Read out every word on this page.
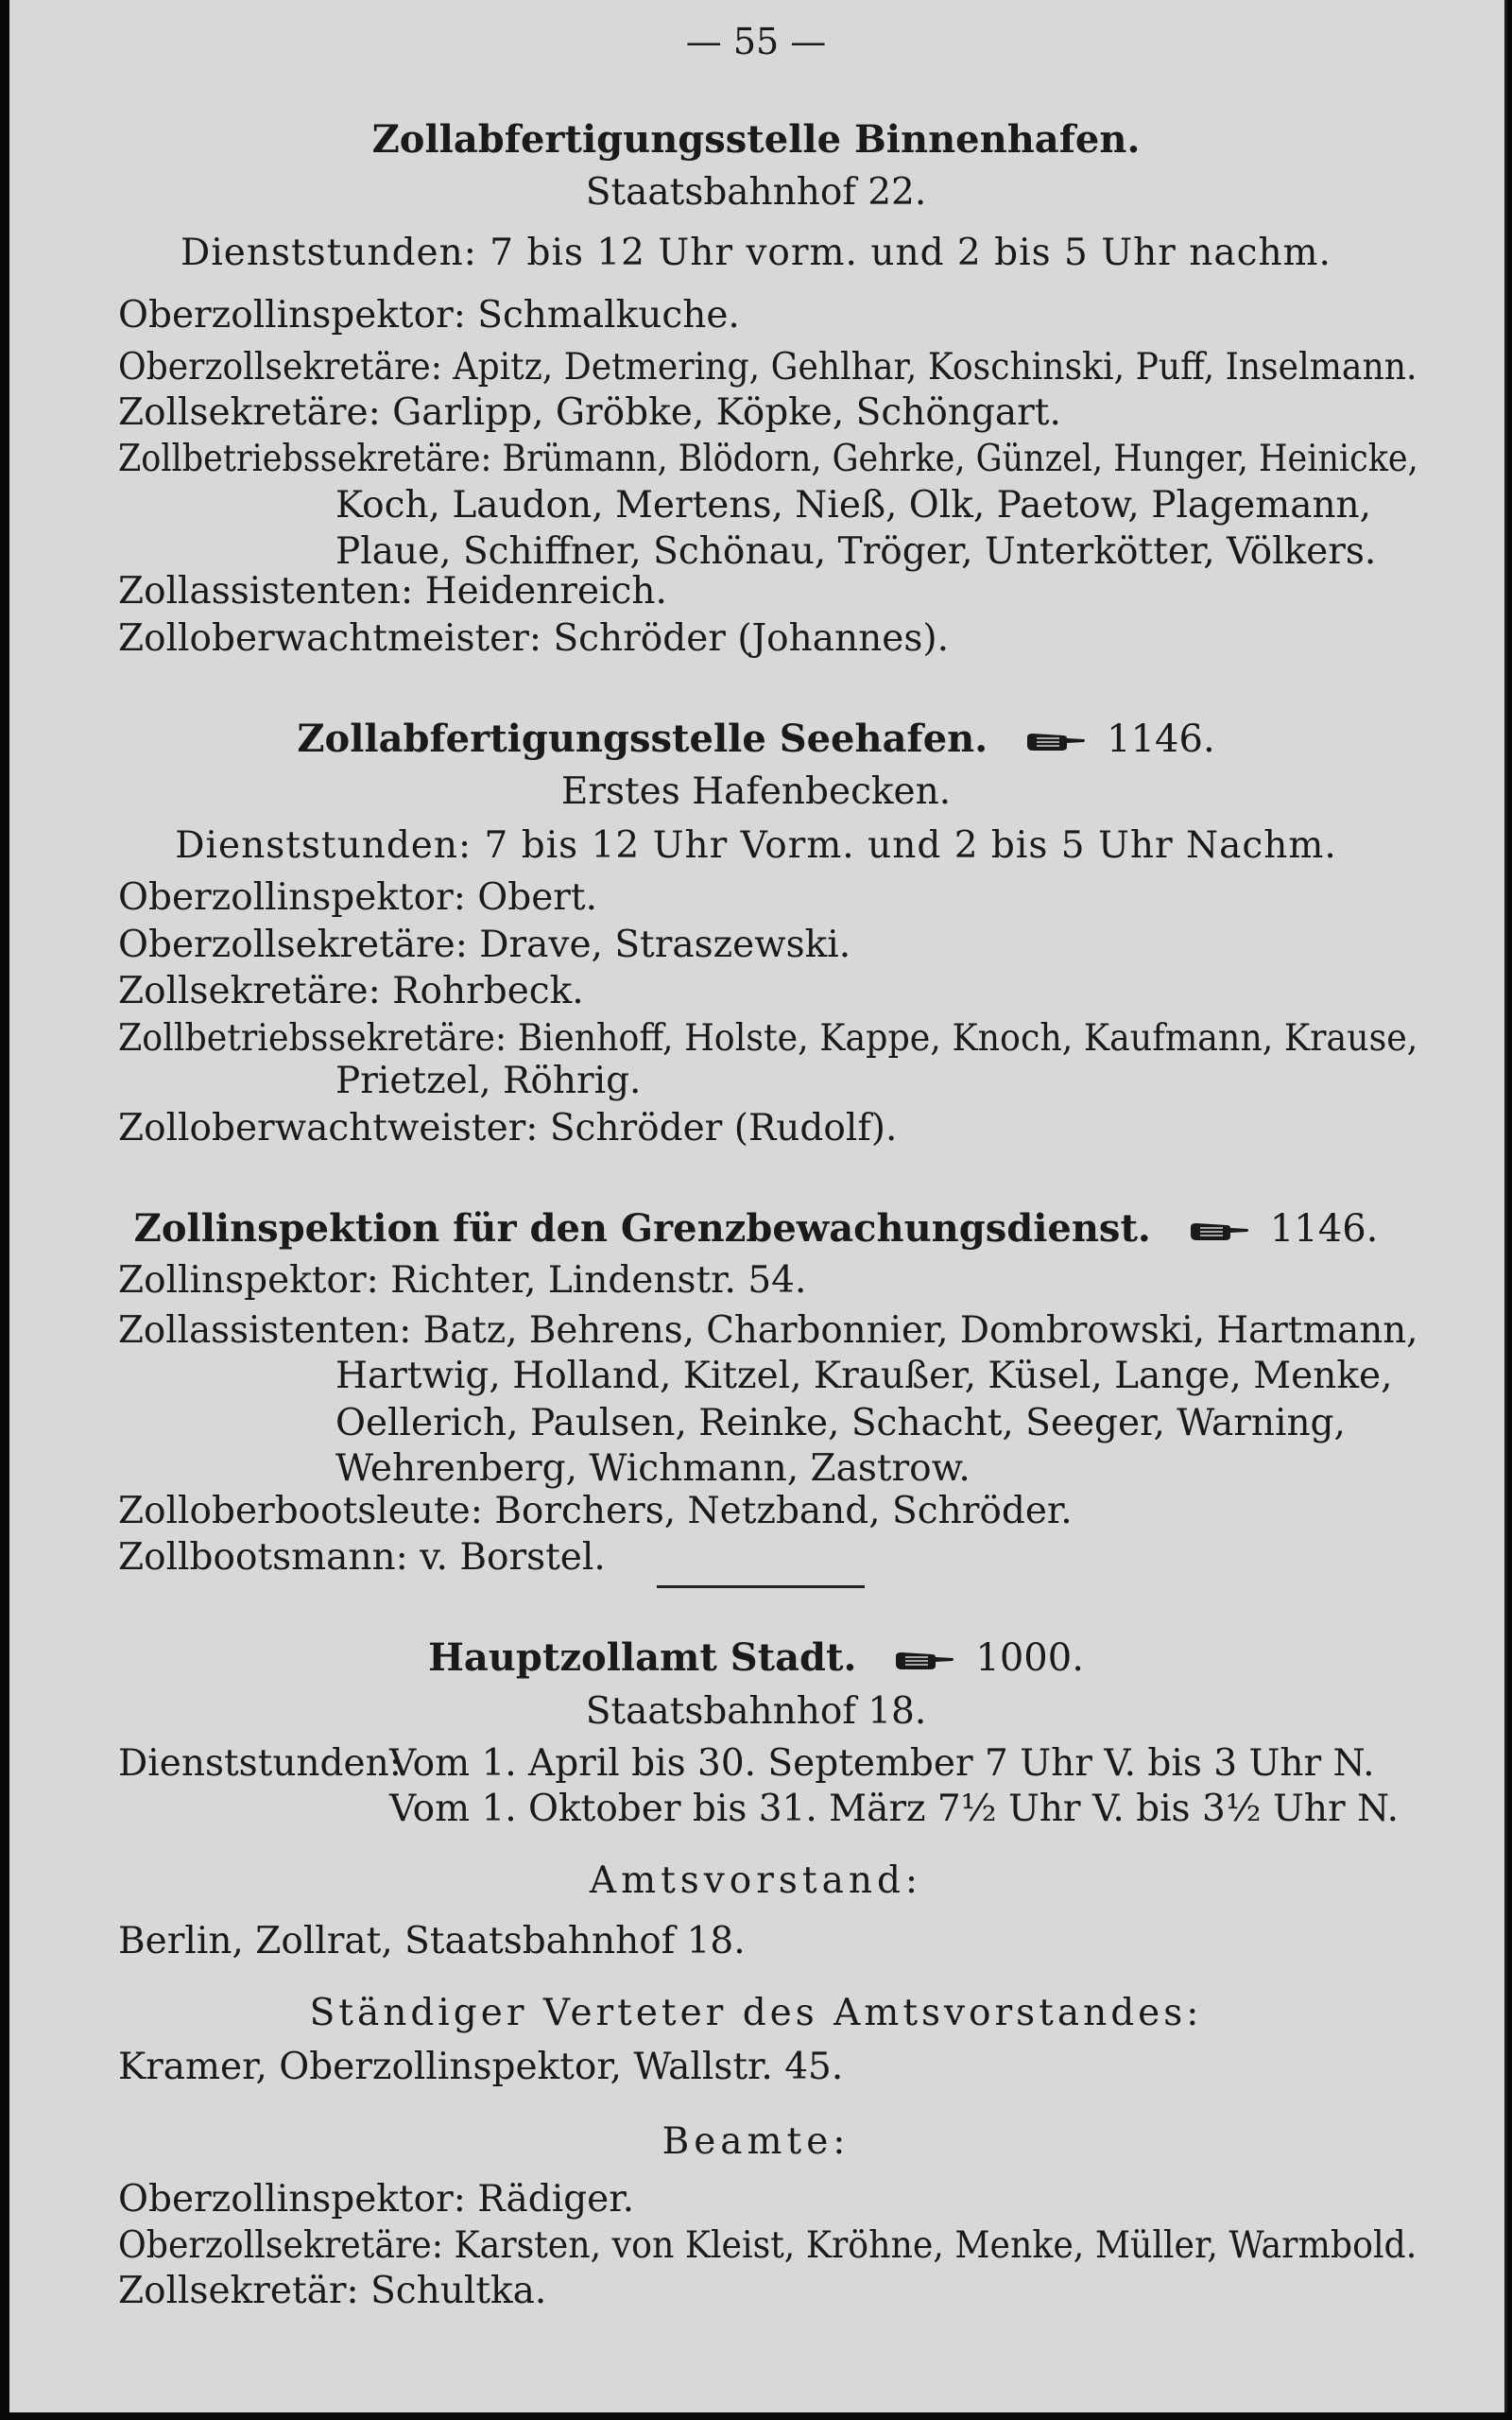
— 55 —
Zollabfertigungsstelle Binnenhafen.
Staatsbahnhof 22.
Dienststunden: 7 bis 12 Uhr vorm. und 2 bis 5 Uhr nachm.
Oberzollinspektor: Schmalkuche.
Oberzollsekretäre: Apitz, Detmering, Gehlhar, Koschinski, Puff, Inselmann.
Zollsekretäre: Garlipp, Gröbke, Köpke, Schöngart.
Zollbetriebssekretäre: Brümann, Blödorn, Gehrke, Günzel, Hunger, Heinicke,
Koch, Laudon, Mertens, Nieß, Olk, Paetow, Plagemann,
Plaue, Schiffner, Schönau, Tröger, Unterkötter, Völkers.
Zollassistenten: Heidenreich.
Zolloberwachtmeister: Schröder (Johannes).
Zollabfertigungsstelle Seehafen.	1146.
Erstes Hafenbecken.
Dienststunden: 7 bis 12 Uhr Vorm. und 2 bis 5 Uhr Nachm.
Oberzollinspektor: Obert.
Oberzollsekretäre: Drave, Straszewski.
Zollsekretäre: Rohrbeck.
Zollbetriebssekretäre: Bienhoff, Holste, Kappe, Knoch, Kaufmann, Krause,
Prietzel, Röhrig.
Zolloberwachtweister: Schröder (Rudolf).
Zollinspektion für den Grenzbewachungsdienst.	1146.
Zollinspektor: Richter, Lindenstr. 54.
Zollassistenten: Batz, Behrens, Charbonnier, Dombrowski, Hartmann,
Hartwig, Holland, Kitzel, Kraußer, Küsel, Lange, Menke,
Oellerich, Paulsen, Reinke, Schacht, Seeger, Warning,
Wehrenberg, Wichmann, Zastrow.
Zolloberbootsleute: Borchers, Netzband, Schröder.
Zollbootsmann: v. Borstel.
Hauptzollamt Stadt.	1000.
Staatsbahnhof 18.
Dienststunden:
Vom 1. April bis 30. September 7 Uhr V. bis 3 Uhr N.
Vom 1. Oktober bis 31. März 7½ Uhr V. bis 3½ Uhr N.
Amtsvorstand:
Berlin, Zollrat, Staatsbahnhof 18.
Ständiger Verteter des Amtsvorstandes:
Kramer, Oberzollinspektor, Wallstr. 45.
Beamte:
Oberzollinspektor: Rädiger.
Oberzollsekretäre: Karsten, von Kleist, Kröhne, Menke, Müller, Warmbold.
Zollsekretär: Schultka.
